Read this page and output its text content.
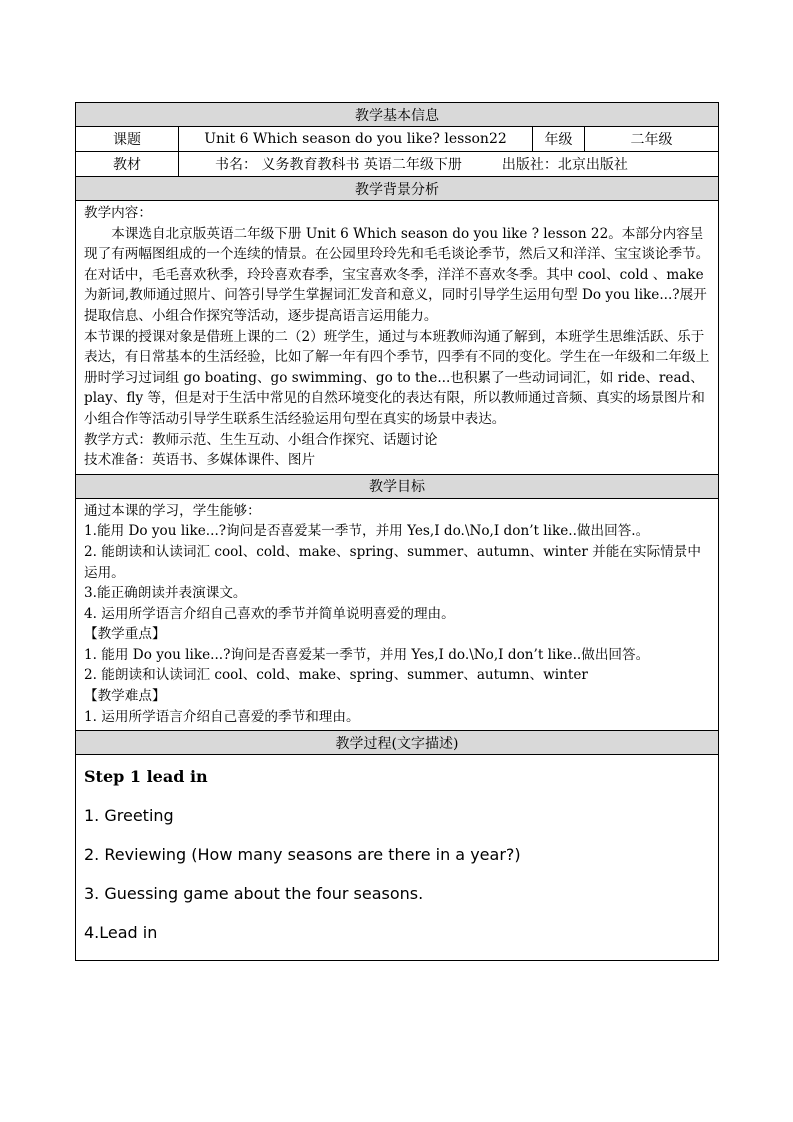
教学基本信息
课题	Unit 6 Which season do you like? lesson22	年级	二年级
教材	书名： 义务教育教科书 英语二年级下册	出版社：北京出版社
教学背景分析

教学内容：

本课选自北京版英语二年级下册 Unit 6 Which season do you like ? lesson 22。本部分内容呈现了有两幅图组成的一个连续的情景。在公园里玲玲先和毛毛谈论季节，然后又和洋洋、宝宝谈论季节。在对话中，毛毛喜欢秋季，玲玲喜欢春季，宝宝喜欢冬季，洋洋不喜欢冬季。其中 cool、cold 、make 为新词,教师通过照片、问答引导学生掌握词汇发音和意义，同时引导学生运用句型 Do you like...?展开提取信息、小组合作探究等活动，逐步提高语言运用能力。

本节课的授课对象是借班上课的二（2）班学生，通过与本班教师沟通了解到，本班学生思维活跃、乐于表达，有日常基本的生活经验，比如了解一年有四个季节，四季有不同的变化。学生在一年级和二年级上册时学习过词组 go boating、go swimming、go to the...也积累了一些动词词汇，如 ride、read、play、fly 等，但是对于生活中常见的自然环境变化的表达有限，所以教师通过音频、真实的场景图片和小组合作等活动引导学生联系生活经验运用句型在真实的场景中表达。

教学方式：教师示范、生生互动、小组合作探究、话题讨论

技术准备：英语书、多媒体课件、图片

教学目标

通过本课的学习，学生能够：

1.能用 Do you like...?询问是否喜爱某一季节，并用 Yes,I do.\No,I don’t like..做出回答.。

2. 能朗读和认读词汇 cool、cold、make、spring、summer、autumn、winter 并能在实际情景中运用。

3.能正确朗读并表演课文。

4. 运用所学语言介绍自己喜欢的季节并简单说明喜爱的理由。

【教学重点】

1. 能用 Do you like...?询问是否喜爱某一季节，并用 Yes,I do.\No,I don’t like..做出回答。

2. 能朗读和认读词汇 cool、cold、make、spring、summer、autumn、winter

【教学难点】

1. 运用所学语言介绍自己喜爱的季节和理由。

教学过程(文字描述)

Step 1 lead in

1. Greeting

2. Reviewing (How many seasons are there in a year?)

3. Guessing game about the four seasons.

4.Lead in
